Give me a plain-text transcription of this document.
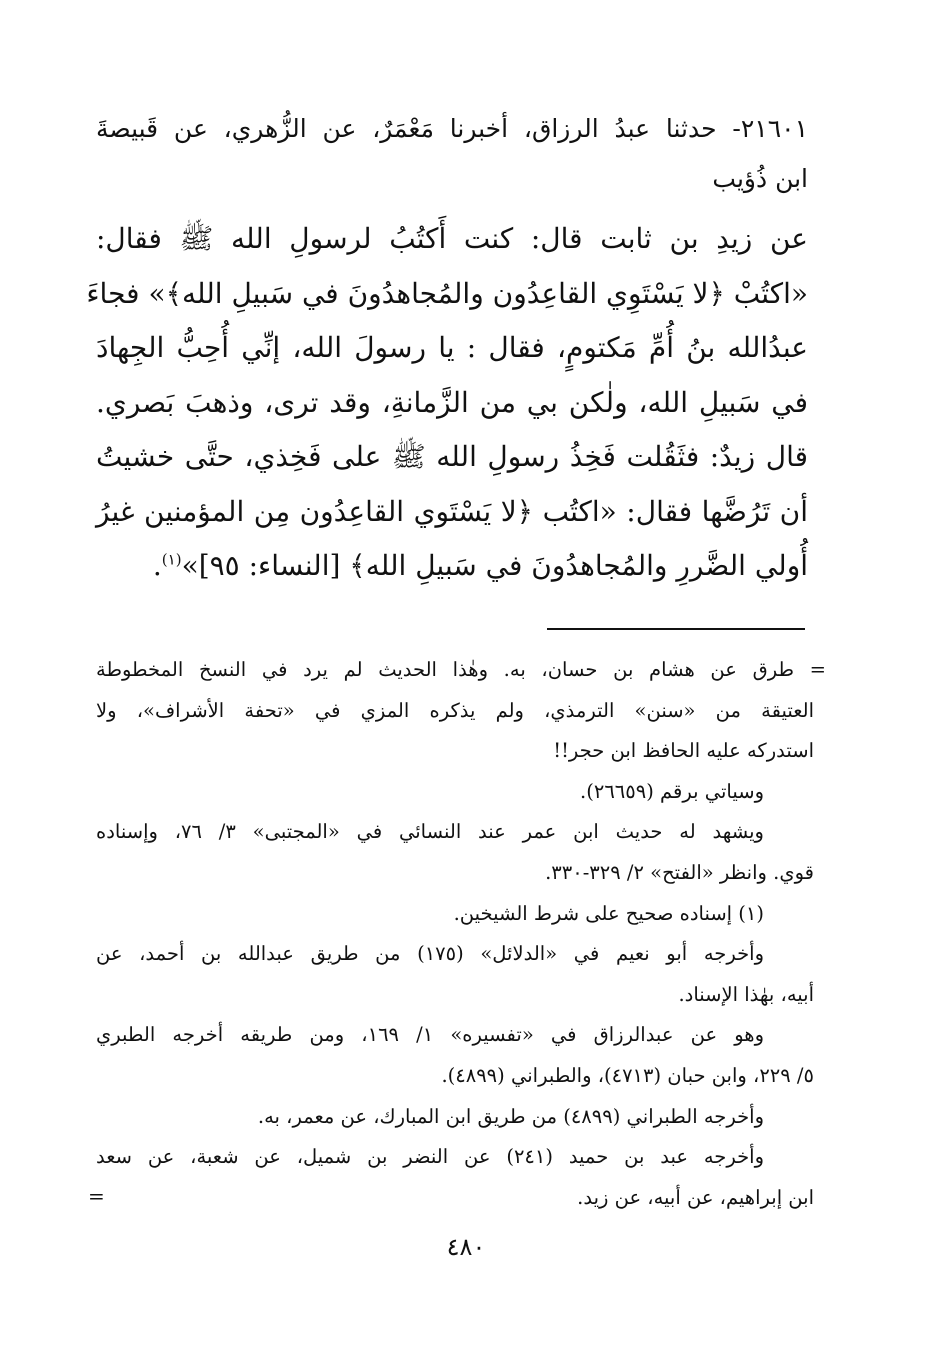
٢١٦٠١- حدثنا عبدُ الرزاق، أخبرنا مَعْمَرٌ، عن الزُّهري، عن قَبيصةَ
ابن ذُؤيب
عن زيدِ بن ثابت قال: كنت أَكتُبُ لرسولِ الله ﷺ فقال:
«اكتُبْ ﴿لا يَسْتَوِي القاعِدُون والمُجاهدُونَ في سَبيلِ الله﴾» فجاءَ
عبدُالله بنُ أُمِّ مَكتومٍ، فقال : يا رسولَ الله، إنِّي أُحِبُّ الجِهادَ
في سَبيلِ الله، ولٰكن بي من الزَّمانةِ، وقد ترى، وذهبَ بَصري.
قال زيدٌ: فثَقُلت فَخِذُ رسولِ الله ﷺ على فَخِذي، حتَّى خشيتُ
أن تَرُضَّها فقال: «اكتُب ﴿لا يَسْتَوي القاعِدُون مِن المؤمنين غيرُ
أُولي الضَّررِ والمُجاهدُونَ في سَبيلِ الله﴾ [النساء: ٩٥]»$^{(١)}$.
= طرق عن هشام بن حسان، به. وهٰذا الحديث لم يرد في النسخ المخطوطة
العتيقة من «سنن» الترمذي، ولم يذكره المزي في «تحفة الأشراف»، ولا
استدركه عليه الحافظ ابن حجر!!
وسياتي برقم (٢٦٦٥٩).
ويشهد له حديث ابن عمر عند النسائي في «المجتبى» ٣/ ٧٦، وإسناده
قوي. وانظر «الفتح» ٢/ ٣٢٩-٣٣٠.
(١) إسناده صحيح على شرط الشيخين.
وأخرجه أبو نعيم في «الدلائل» (١٧٥) من طريق عبدالله بن أحمد، عن
أبيه، بهٰذا الإسناد.
وهو عن عبدالرزاق في «تفسيره» ١/ ١٦٩، ومن طريقه أخرجه الطبري
٥/ ٢٢٩، وابن حبان (٤٧١٣)، والطبراني (٤٨٩٩).
وأخرجه الطبراني (٤٨٩٩) من طريق ابن المبارك، عن معمر، به.
وأخرجه عبد بن حميد (٢٤١) عن النضر بن شميل، عن شعبة، عن سعد
ابن إبراهيم، عن أبيه، عن زيد.
=
٤٨٠
